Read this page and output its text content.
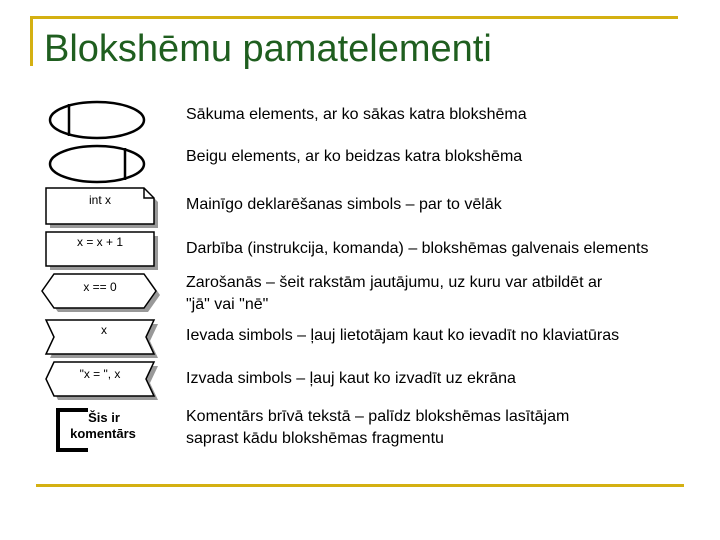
Blokshēmu pamatelementi
int x
x = x + 1
x == 0
x
"x = ", x
Šis ir
komentārs
Sākuma elements, ar ko sākas katra blokshēma
Beigu elements, ar ko beidzas katra blokshēma
Mainīgo deklarēšanas simbols – par to vēlāk
Darbība (instrukcija, komanda) – blokshēmas galvenais elements
Zarošanās – šeit rakstām jautājumu, uz kuru var atbildēt ar
"jā" vai "nē"
Ievada simbols – ļauj lietotājam kaut ko ievadīt no klaviatūras
Izvada simbols – ļauj kaut ko izvadīt uz ekrāna
Komentārs brīvā tekstā – palīdz blokshēmas lasītājam
saprast kādu blokshēmas fragmentu
